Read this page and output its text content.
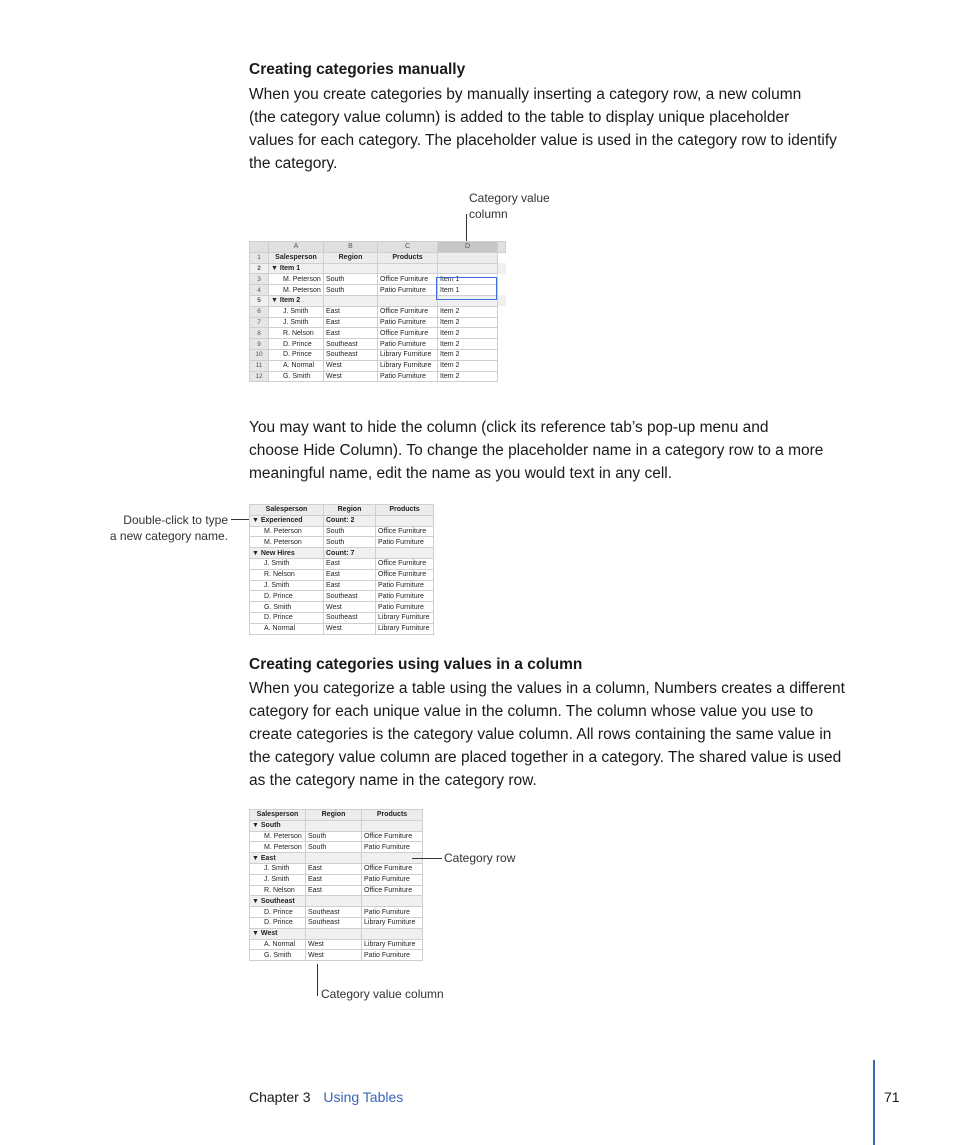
Creating categories manually
When you create categories by manually inserting a category row, a new column
(the category value column) is added to the table to display unique placeholder
values for each category. The placeholder value is used in the category row to identify
the category.
Category value
column
	A	B	C	D	
1	Salesperson	Region	Products		
2	▼ Item 1				
3	M. Peterson	South	Office Furniture	Item 1	
4	M. Peterson	South	Patio Furniture	Item 1	
5	▼ Item 2				
6	J. Smith	East	Office Furniture	Item 2	
7	J. Smith	East	Patio Furniture	Item 2	
8	R. Nelson	East	Office Furniture	Item 2	
9	D. Prince	Southeast	Patio Furniture	Item 2	
10	D. Prince	Southeast	Library Furniture	Item 2	
11	A. Normal	West	Library Furniture	Item 2	
12	G. Smith	West	Patio Furniture	Item 2	
You may want to hide the column (click its reference tab’s pop-up menu and
choose Hide Column). To change the placeholder name in a category row to a more
meaningful name, edit the name as you would text in any cell.
Double-click to type
a new category name.
Salesperson	Region	Products
▼ Experienced	Count: 2	
M. Peterson	South	Office Furniture
M. Peterson	South	Patio Furniture
▼ New Hires	Count: 7	
J. Smith	East	Office Furniture
R. Nelson	East	Office Furniture
J. Smith	East	Patio Furniture
D. Prince	Southeast	Patio Furniture
G. Smith	West	Patio Furniture
D. Prince	Southeast	Library Furniture
A. Normal	West	Library Furniture
Creating categories using values in a column
When you categorize a table using the values in a column, Numbers creates a different
category for each unique value in the column. The column whose value you use to
create categories is the category value column. All rows containing the same value in
the category value column are placed together in a category. The shared value is used
as the category name in the category row.
Salesperson	Region	Products
▼ South		
M. Peterson	South	Office Furniture
M. Peterson	South	Patio Furniture
▼ East		
J. Smith	East	Office Furniture
J. Smith	East	Patio Furniture
R. Nelson	East	Office Furniture
▼ Southeast		
D. Prince	Southeast	Patio Furniture
D. Prince	Southeast	Library Furniture
▼ West		
A. Normal	West	Library Furniture
G. Smith	West	Patio Furniture
Category row
Category value column
Chapter 3 Using Tables	71
